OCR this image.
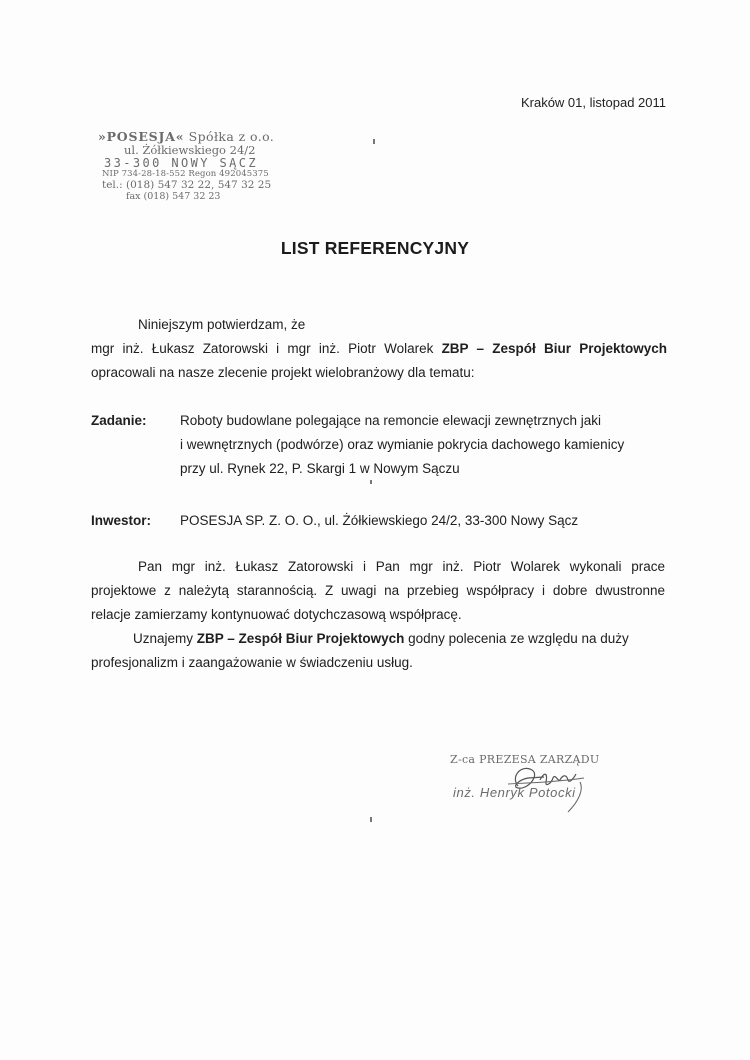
Kraków 01, listopad 2011
»POSESJA« Spółka z o.o.
ul. Żółkiewskiego 24/2
33-300 NOWY SĄCZ
NIP 734-28-18-552 Regon 492045375
tel.: (018) 547 32 22, 547 32 25
fax (018) 547 32 23
LIST REFERENCYJNY
Niniejszym potwierdzam, że
mgr inż. Łukasz Zatorowski i mgr inż. Piotr Wolarek ZBP – Zespół Biur Projektowych
opracowali na nasze zlecenie projekt wielobranżowy dla tematu:
Zadanie: Roboty budowlane polegające na remoncie elewacji zewnętrznych jaki
i wewnętrznych (podwórze) oraz wymianie pokrycia dachowego kamienicy
przy ul. Rynek 22, P. Skargi 1 w Nowym Sączu
Inwestor: POSESJA SP. Z. O. O., ul. Żółkiewskiego 24/2, 33-300 Nowy Sącz
Pan mgr inż. Łukasz Zatorowski i Pan mgr inż. Piotr Wolarek wykonali prace
projektowe z należytą starannością. Z uwagi na przebieg współpracy i dobre dwustronne
relacje zamierzamy kontynuować dotychczasową współpracę.
Uznajemy ZBP – Zespół Biur Projektowych godny polecenia ze względu na duży
profesjonalizm i zaangażowanie w świadczeniu usług.
Z-ca PREZESA ZARZĄDU
inż. Henryk Potocki
